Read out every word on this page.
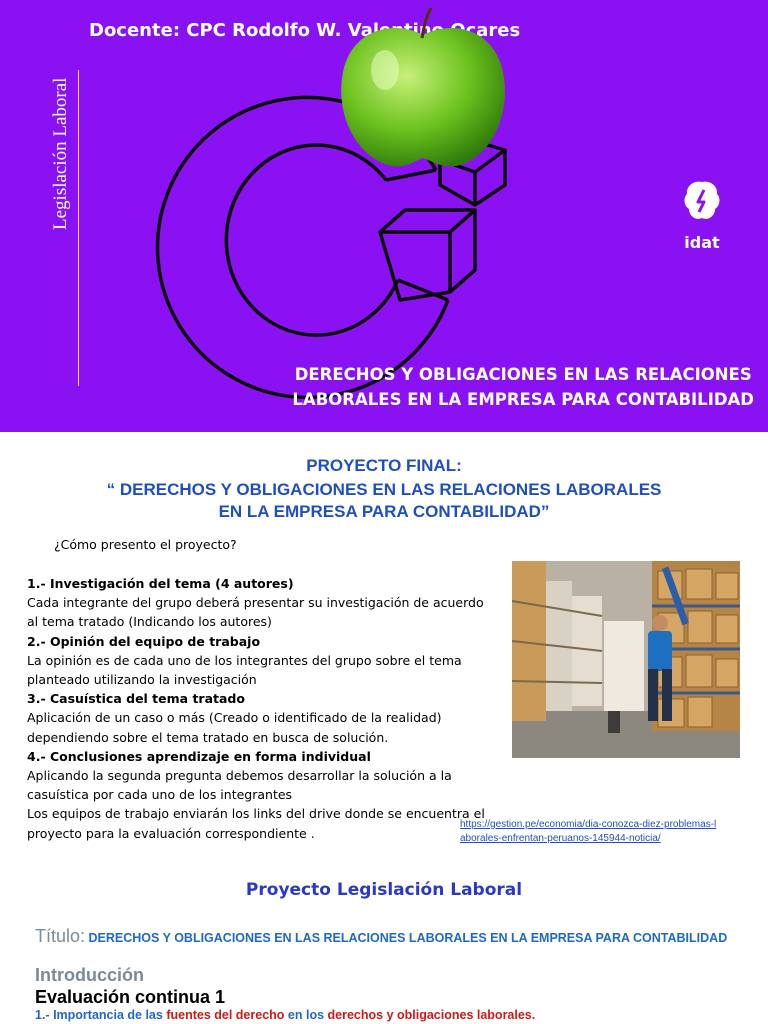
Docente: CPC Rodolfo W. Valentino Ocares
Legislación Laboral
idat
DERECHOS Y OBLIGACIONES EN LAS RELACIONES
LABORALES EN LA EMPRESA PARA CONTABILIDAD
PROYECTO FINAL:
“ DERECHOS Y OBLIGACIONES EN LAS RELACIONES LABORALES
EN LA EMPRESA PARA CONTABILIDAD”
¿Cómo presento el proyecto?
1.- Investigación del tema (4 autores)
Cada integrante del grupo deberá presentar su investigación de acuerdo
al tema tratado (Indicando los autores)
2.- Opinión del equipo de trabajo
La opinión es de cada uno de los integrantes del grupo sobre el tema
planteado utilizando la investigación
3.- Casuística del tema tratado
Aplicación de un caso o más (Creado o identificado de la realidad)
dependiendo sobre el tema tratado en busca de solución.
4.- Conclusiones aprendizaje en forma individual
Aplicando la segunda pregunta debemos desarrollar la solución a la
casuística por cada uno de los integrantes
Los equipos de trabajo enviarán los links del drive donde se encuentra el
proyecto para la evaluación correspondiente .
https://gestion.pe/economia/dia-conozca-diez-problemas-l
aborales-enfrentan-peruanos-145944-noticia/
Proyecto Legislación Laboral
Título: DERECHOS Y OBLIGACIONES EN LAS RELACIONES LABORALES EN LA EMPRESA PARA CONTABILIDAD
Introducción
Evaluación continua 1
1.- Importancia de las fuentes del derecho en los derechos y obligaciones laborales.
